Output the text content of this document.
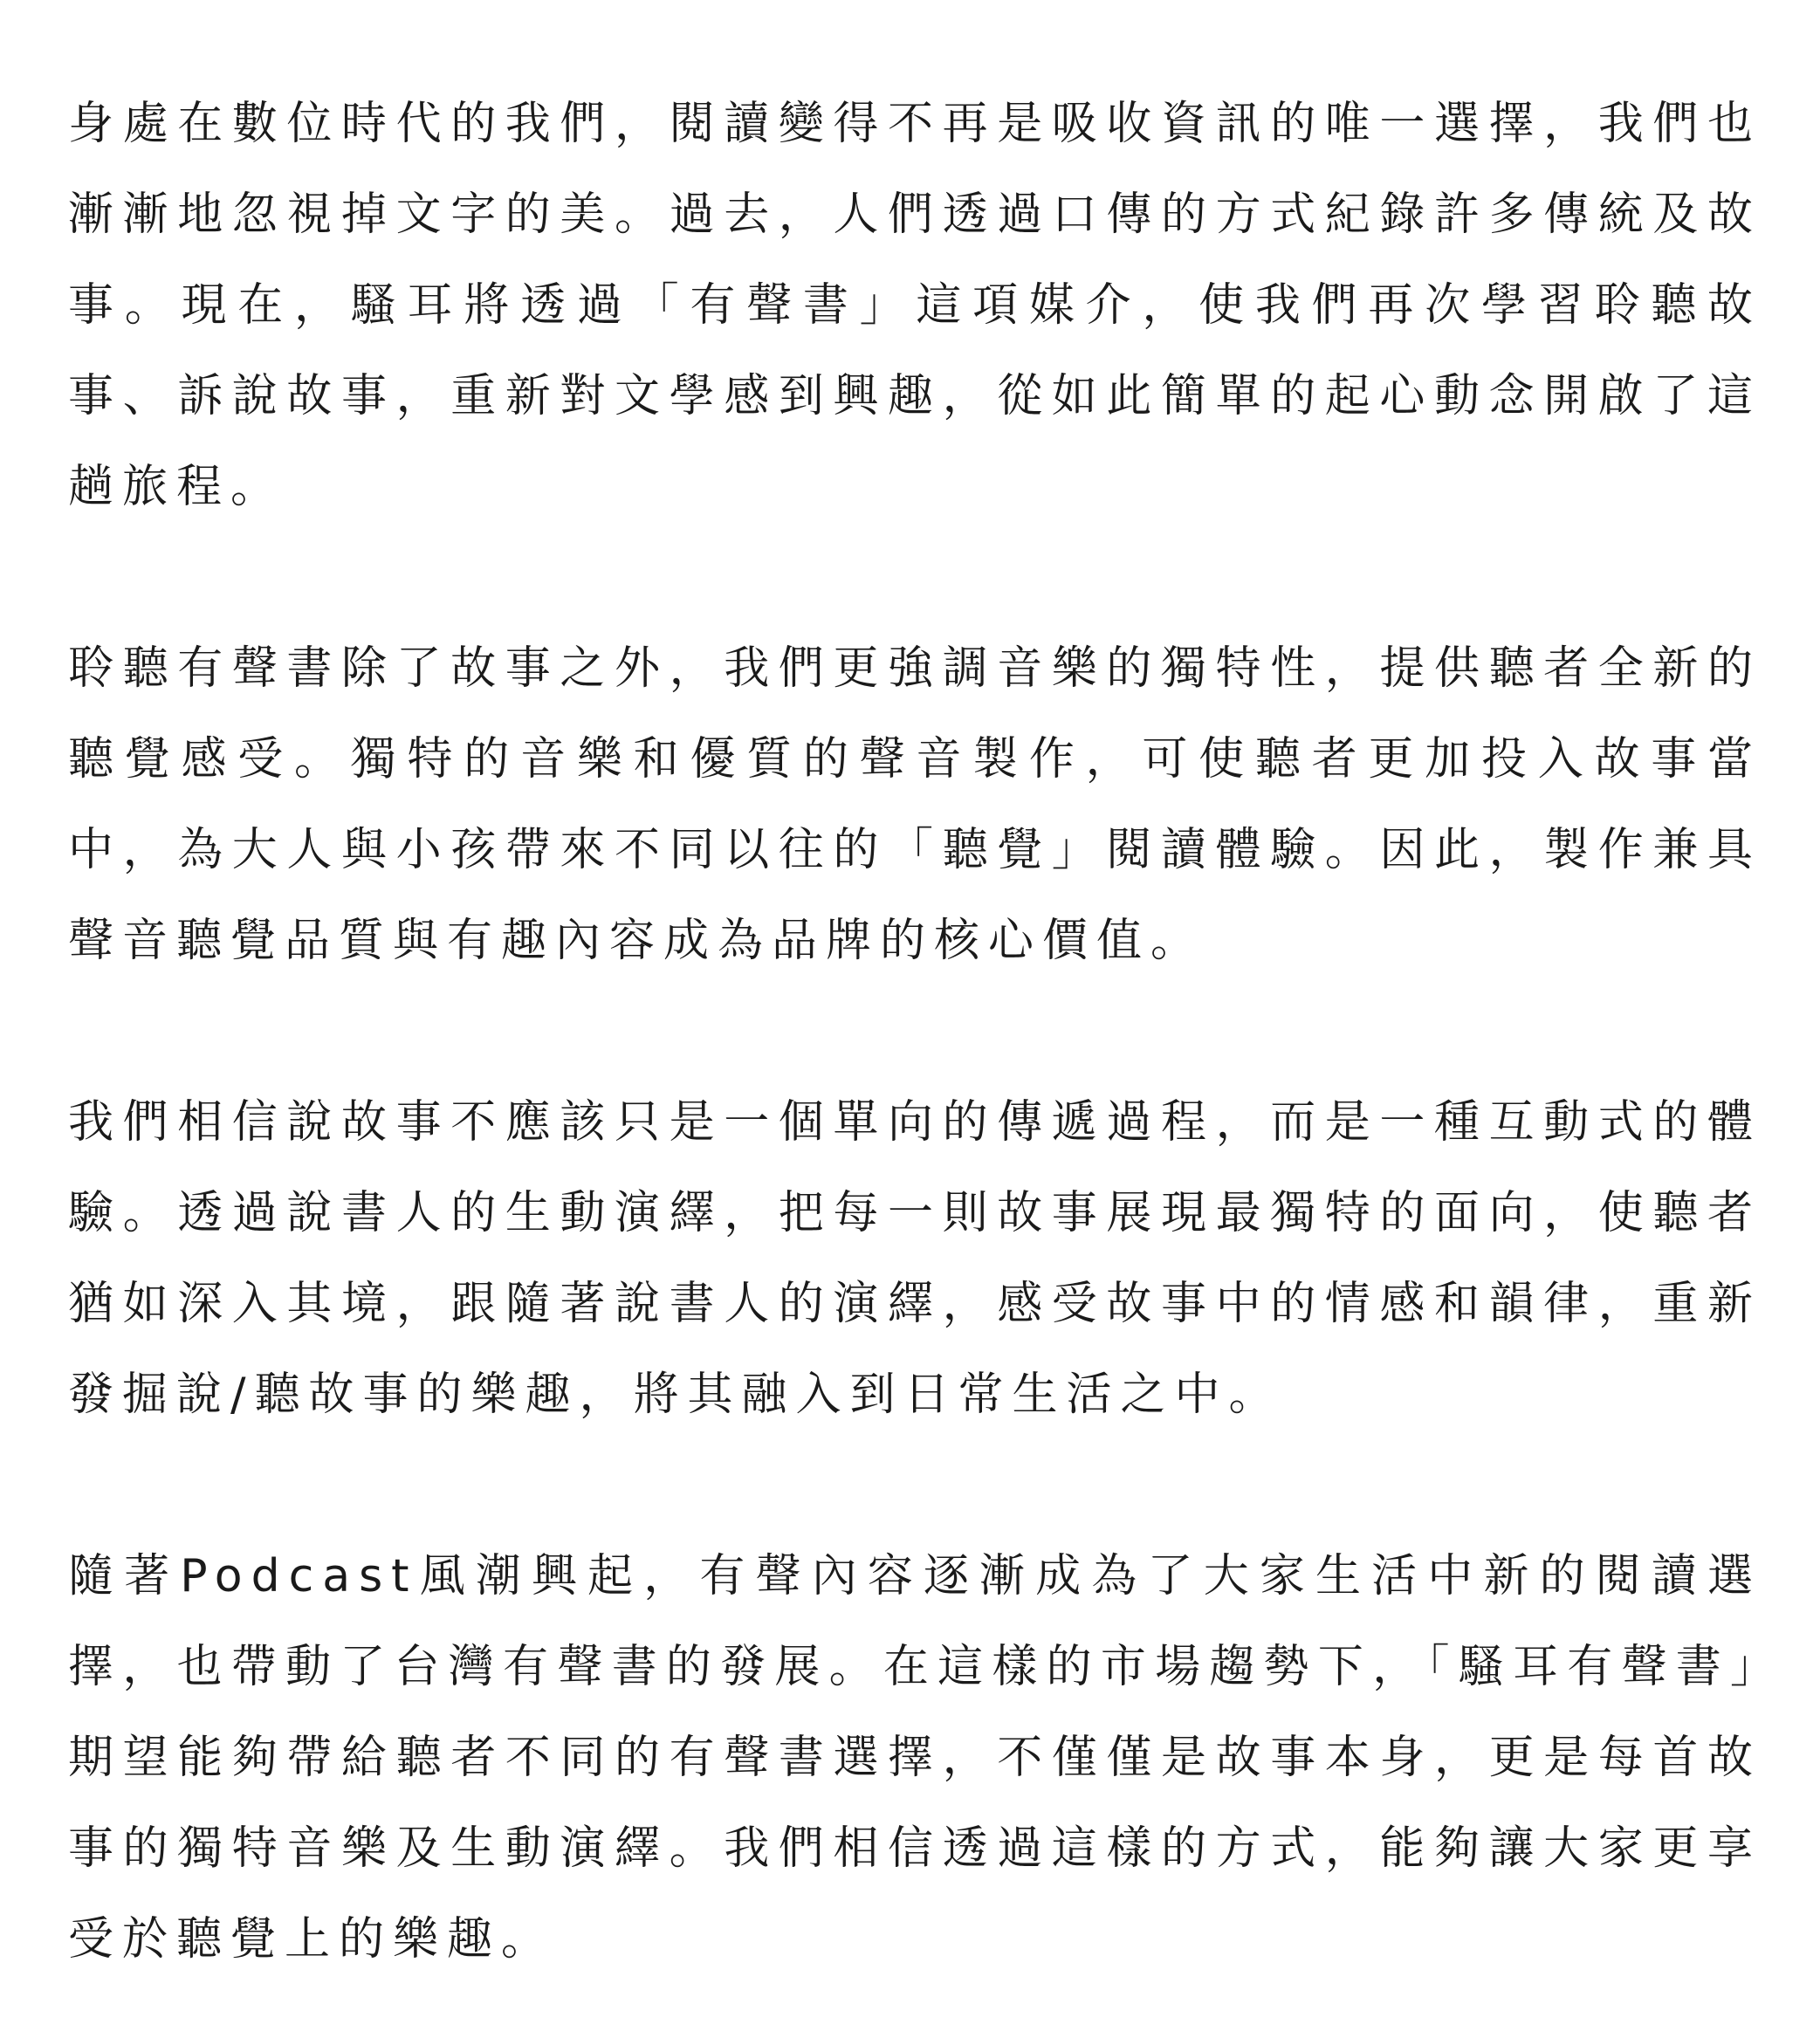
身處在數位時代的我們，閱讀變得不再是吸收資訊的唯一選擇，我們也漸漸地忽視掉文字的美。過去，人們透過口傳的方式紀錄許多傳統及故事。現在，騷耳將透過「有聲書」這項媒介，使我們再次學習聆聽故事、訴說故事，重新對文學感到興趣，從如此簡單的起心動念開啟了這趟旅程。

聆聽有聲書除了故事之外，我們更強調音樂的獨特性，提供聽者全新的聽覺感受。獨特的音樂和優質的聲音製作，可使聽者更加投入故事當中，為大人與小孩帶來不同以往的「聽覺」閱讀體驗。因此，製作兼具聲音聽覺品質與有趣內容成為品牌的核心價值。

我們相信說故事不應該只是一個單向的傳遞過程，而是一種互動式的體驗。透過說書人的生動演繹，把每一則故事展現最獨特的面向，使聽者猶如深入其境，跟隨著說書人的演繹，感受故事中的情感和韻律，重新發掘說/聽故事的樂趣，將其融入到日常生活之中。

隨著Podcast風潮興起，有聲內容逐漸成為了大家生活中新的閱讀選擇，也帶動了台灣有聲書的發展。在這樣的市場趨勢下，「騷耳有聲書」期望能夠帶給聽者不同的有聲書選擇，不僅僅是故事本身，更是每首故事的獨特音樂及生動演繹。我們相信透過這樣的方式，能夠讓大家更享受於聽覺上的樂趣。
